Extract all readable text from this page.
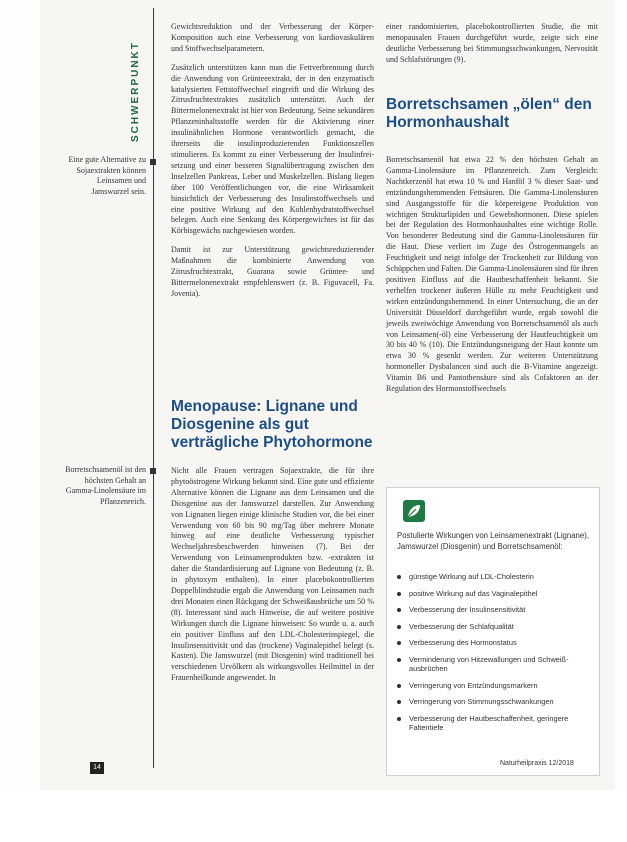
SCHWERPUNKT
Eine gute Alternative zu Sojaextrakten können Leinsamen und Jamswurzel sein.
Borretschsamenöl ist den höchsten Gehalt an Gamma-Linolensäure im Pflanzenreich.

Gewichtsreduktion und der Verbesserung der Körper-Komposition auch eine Verbesserung von kardiovaskulären und Stoffwechselparametern.

Zusätzlich unterstützen kann man die Fettverbrennung durch die Anwendung von Grünteeextrakt, der in den enzymatisch katalysierten Fettstoffwechsel eingreift und die Wirkung des Zitrusfruchtextraktes zusätzlich unterstützt. Auch der Bittermelonenextrakt ist hier von Bedeutung. Seine sekundären Pflanzeninhaltsstoffe werden für die Aktivierung einer insulinähnlichen Hormone verantwortlich gemacht, die ihrerseits die insulinproduzierenden Funktionszellen stimulieren. Es kommt zu einer Verbesserung der Insulinfreisetzung und einer besseren Signalübertragung zwischen den Inselzellen Pankreas, Leber und Muskelzellen. Bislang liegen über 100 Veröffentlichungen vor, die eine Wirksamkeit hinsichtlich der Verbesserung des Insulinstoffwechsels und eine positive Wirkung auf den Kohlenhydratstoffwechsel belegen. Auch eine Senkung des Körpergewichtes ist für das Körbisgewächs nachgewiesen worden.

Damit ist zur Unterstützung gewichtsreduzierender Maßnahmen die kombinierte Anwendung von Zitrusfruchtextrakt, Guarana sowie Grüntee- und Bittermelonenextrakt empfehlenswert (z. B. Figuvacell, Fa. Jovenia).

Menopause: Lignane und Diosgenine als gut verträgliche Phytohormone

Nicht alle Frauen vertragen Sojaextrakte, die für ihre phytoöstrogene Wirkung bekannt sind. Eine gute und effiziente Alternative können die Lignane aus dem Leinsamen und die Diosgenine aus der Jamswurzel darstellen. Zur Anwendung von Lignanen liegen einige klinische Studien vor, die bei einer Verwendung von 60 bis 90 mg/Tag über mehrere Monate hinweg auf eine deutliche Verbesserung typischer Wechseljahresbeschwerden hinweisen (7). Bei der Verwendung von Leinsamenprodukten bzw. -extrakten ist daher die Standardisierung auf Lignane von Bedeutung (z. B. in phytoxym enthalten). In einer placebokontrollierten Doppelblindstudie ergab die Anwendung von Leinsamen nach drei Monaten einen Rückgang der Schweißausbrüche um 50 % (8). Interessant sind auch Hinweise, die auf weitere positive Wirkungen durch die Lignane hinweisen: So wurde u. a. auch ein positiver Einfluss auf den LDL-Cholesterinspiegel, die Insulinsensitivität und das (trockene) Vaginalepithel belegt (s. Kasten). Die Jamswurzel (mit Diosgenin) wird traditionell bei verschiedenen Urvölkern als wirkungsvolles Heilmittel in der Frauenheilkunde angewendet. In

einer randomisierten, placebokontrollierten Studie, die mit menopausalen Frauen durchgeführt wurde, zeigte sich eine deutliche Verbesserung bei Stimmungsschwankungen, Nervosität und Schlafstörungen (9).

Borretschsamen „ölen“ den Hormonhaushalt

Borretschsamenöl hat etwa 22 % den höchsten Gehalt an Gamma-Linolensäure im Pflanzenreich. Zum Vergleich: Nachtkerzenöl hat etwa 10 % und Hanföl 3 % dieser Saat- und entzündungshemmenden Fettsäuren. Die Gamma-Linolensäuren sind Ausgangsstoffe für die körpereigene Produktion von wichtigen Strukturlipiden und Gewebshormonen. Diese spielen bei der Regulation des Hormonhaushaltes eine wichtige Rolle. Von besonderer Bedeutung sind die Gamma-Linolensäuren für die Haut. Diese verliert im Zuge des Östrogenmangels an Feuchtigkeit und neigt infolge der Trockenheit zur Bildung von Schüppchen und Falten. Die Gamma-Linolensäuren sind für ihren positiven Einfluss auf die Hautbeschaffenheit bekannt. Sie verhelfen trockener äußeren Hülle zu mehr Feuchtigkeit und wirken entzündungshemmend. In einer Untersuchung, die an der Universität Düsseldorf durchgeführt wurde, ergab sowohl die jeweils zweiwöchige Anwendung von Borretschsamenöl als auch von Leinsamen(-öl) eine Verbesserung der Hautfeuchtigkeit um 30 bis 40 % (10). Die Entzündungsneigung der Haut konnte um etwa 30 % gesenkt werden. Zur weiteren Unterstützung hormoneller Dysbalancen sind auch die B-Vitamine angezeigt. Vitamin B6 und Pantothensäure sind als Cofaktoren an der Regulation des Hormonstoffwechsels

Postulierte Wirkungen von Leinsamenextrakt (Lignane), Jamswurzel (Diosgenin) und Borretschsamenöl:
günstige Wirkung auf LDL-Cholesterin
positive Wirkung auf das Vaginalepithel
Verbesserung der Insulinsensitivität
Verbesserung der Schlafqualität
Verbesserung des Hormonstatus
Verminderung von Hitzewallungen und Schweißausbrüchen
Verringerung von Entzündungsmarkern
Verringerung von Stimmungsschwankungen
Verbesserung der Hautbeschaffenheit, geringere Faltentiefe
14
Naturheilpraxis 12/2018
